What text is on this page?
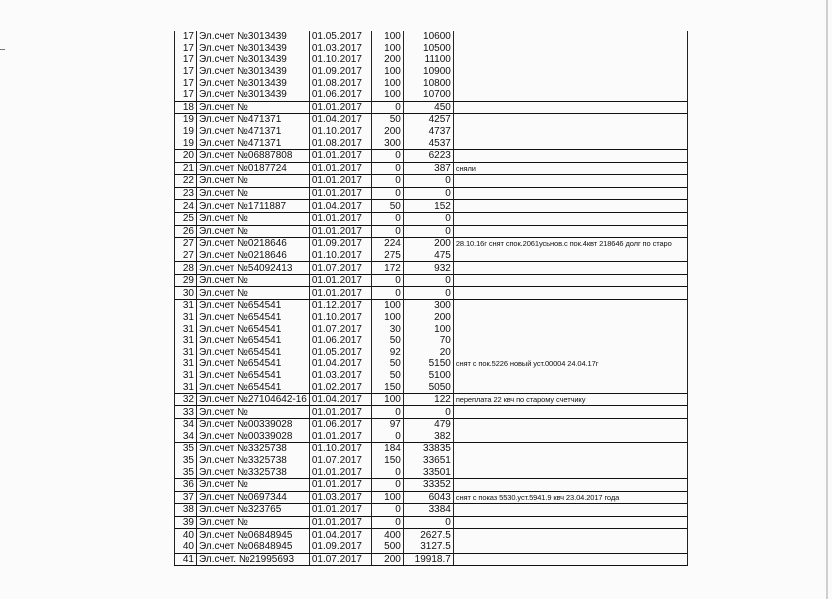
17	Эл.счет №3013439	01.05.2017	100	10600	
17	Эл.счет №3013439	01.03.2017	100	10500	
17	Эл.счет №3013439	01.10.2017	200	11100	
17	Эл.счет №3013439	01.09.2017	100	10900	
17	Эл.счет №3013439	01.08.2017	100	10800	
17	Эл.счет №3013439	01.06.2017	100	10700	
18	Эл.счет №	01.01.2017	0	450	
19	Эл.счет №471371	01.04.2017	50	4257	
19	Эл.счет №471371	01.10.2017	200	4737	
19	Эл.счет №471371	01.08.2017	300	4537	
20	Эл.счет №06887808	01.01.2017	0	6223	
21	Эл.счет №0187724	01.01.2017	0	387	сняли
22	Эл.счет №	01.01.2017	0	0	
23	Эл.счет №	01.01.2017	0	0	
24	Эл.счет №1711887	01.04.2017	50	152	
25	Эл.счет №	01.01.2017	0	0	
26	Эл.счет №	01.01.2017	0	0	
27	Эл.счет №0218646	01.09.2017	224	200	28.10.16г снят спок.2061усьнов.с пок.4квт 218646 долг по старо
27	Эл.счет №0218646	01.10.2017	275	475	
28	Эл.счет №54092413	01.07.2017	172	932	
29	Эл.счет №	01.01.2017	0	0	
30	Эл.счет №	01.01.2017	0	0	
31	Эл.счет №654541	01.12.2017	100	300	
31	Эл.счет №654541	01.10.2017	100	200	
31	Эл.счет №654541	01.07.2017	30	100	
31	Эл.счет №654541	01.06.2017	50	70	
31	Эл.счет №654541	01.05.2017	92	20	
31	Эл.счет №654541	01.04.2017	50	5150	снят с пок.5226 новый уст.00004 24.04.17г
31	Эл.счет №654541	01.03.2017	50	5100	
31	Эл.счет №654541	01.02.2017	150	5050	
32	Эл.счет №27104642-16	01.04.2017	100	122	переплата 22 квч по старому счетчику
33	Эл.счет №	01.01.2017	0	0	
34	Эл.счет №00339028	01.06.2017	97	479	
34	Эл.счет №00339028	01.01.2017	0	382	
35	Эл.счет №3325738	01.10.2017	184	33835	
35	Эл.счет №3325738	01.07.2017	150	33651	
35	Эл.счет №3325738	01.01.2017	0	33501	
36	Эл.счет №	01.01.2017	0	33352	
37	Эл.счет №0697344	01.03.2017	100	6043	снят с показ 5530.уст.5941.9 квч 23.04.2017 года
38	Эл.счет №323765	01.01.2017	0	3384	
39	Эл.счет №	01.01.2017	0	0	
40	Эл.счет №06848945	01.04.2017	400	2627.5	
40	Эл.счет №06848945	01.09.2017	500	3127.5	
41	Эл.счет. №21995693	01.07.2017	200	19918.7	
